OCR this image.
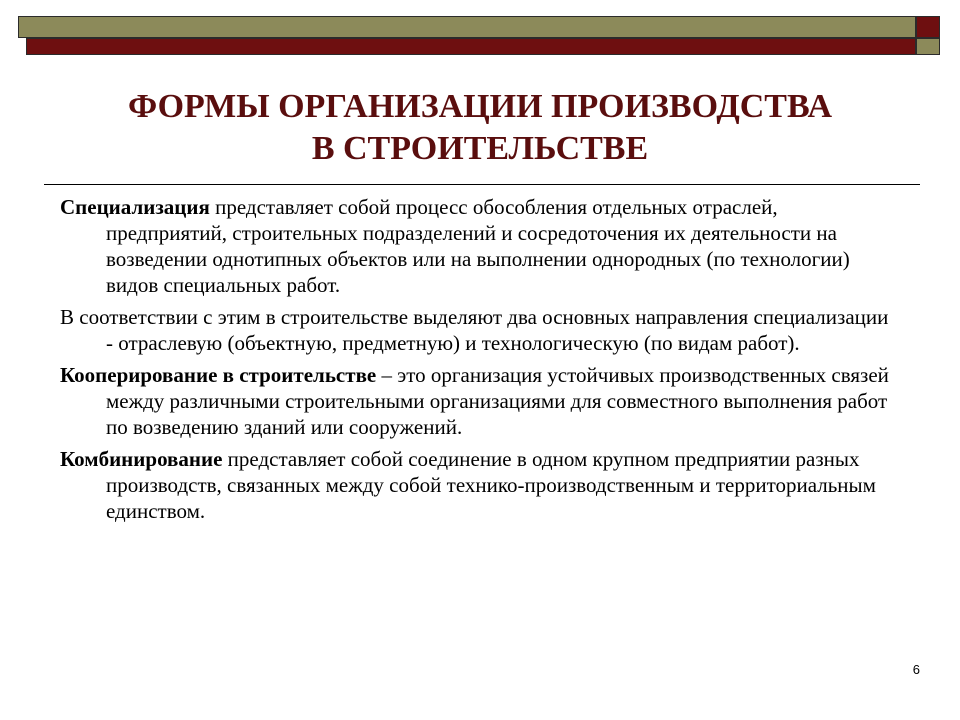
ФОРМЫ ОРГАНИЗАЦИИ ПРОИЗВОДСТВА
В СТРОИТЕЛЬСТВЕ

Специализация представляет собой процесс обособления отдельных отраслей, предприятий, строительных подразделений и сосредоточения их деятельности на возведении однотипных объектов или на выполнении однородных (по технологии) видов специальных работ.

В соответствии с этим в строительстве выделяют два основных направления специализации - отраслевую (объектную, предметную) и технологическую (по видам работ).

Кооперирование в строительстве – это организация устойчивых производственных связей между различными строительными организациями для совместного выполнения работ по возведению зданий или сооружений.

Комбинирование представляет собой соединение в одном крупном предприятии разных производств, связанных между собой технико-производственным и территориальным единством.

6
